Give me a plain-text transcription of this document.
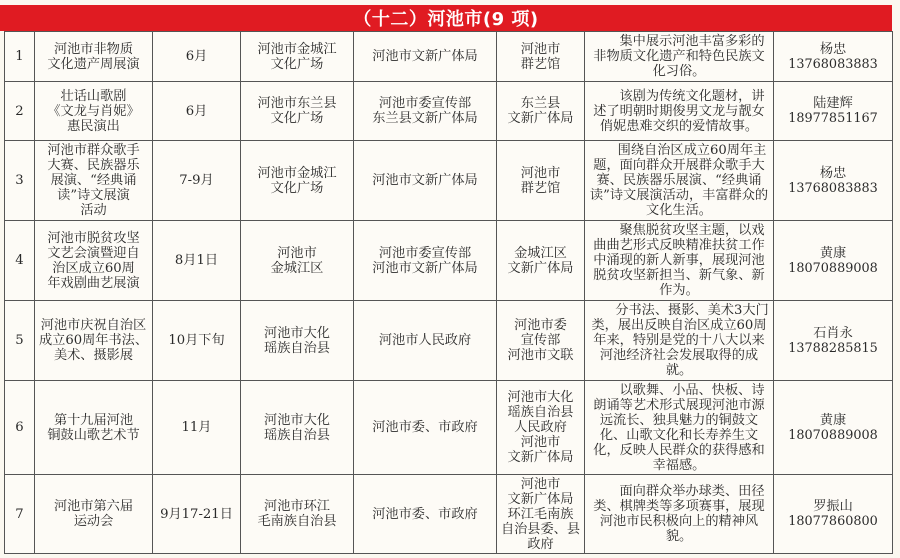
（十二）河池市(9 项)
1	河池市非物质
文化遗产周展演	6月	河池市金城江
文化广场	河池市文新广体局	河池市
群艺馆	集中展示河池丰富多彩的非物质文化遗产和特色民族文化习俗。	杨忠
13768083883

2	壮话山歌剧
《文龙与肖妮》
惠民演出	6月	河池市东兰县
文化广场	河池市委宣传部
东兰县文新广体局	东兰县
文新广体局	该剧为传统文化题材，讲述了明朝时期俊男文龙与靓女俏妮患难交织的爱情故事。	陆建辉
18977851167

3	河池市群众歌手
大赛、民族器乐
展演、“经典诵
读”诗文展演
活动	7-9月	河池市金城江
文化广场	河池市文新广体局	河池市
群艺馆	围绕自治区成立60周年主题，面向群众开展群众歌手大赛、民族器乐展演、“经典诵读”诗文展演活动，丰富群众的文化生活。	杨忠
13768083883

4	河池市脱贫攻坚
文艺会演暨迎自
治区成立60周
年戏剧曲艺展演	8月1日	河池市
金城江区	河池市委宣传部
河池市文新广体局	金城江区
文新广体局	聚焦脱贫攻坚主题，以戏曲曲艺形式反映精准扶贫工作中涌现的新人新事，展现河池脱贫攻坚新担当、新气象、新作为。	黄康
18070889008

5	河池市庆祝自治区
成立60周年书法、
美术、摄影展	10月下旬	河池市大化
瑶族自治县	河池市人民政府	河池市委
宣传部
河池市文联	分书法、摄影、美术3大门类，展出反映自治区成立60周年来，特别是党的十八大以来河池经济社会发展取得的成就。	石肖永
13788285815

6	第十九届河池
铜鼓山歌艺术节	11月	河池市大化
瑶族自治县	河池市委、市政府	河池市大化
瑶族自治县
人民政府
河池市
文新广体局	以歌舞、小品、快板、诗朗诵等艺术形式展现河池市源远流长、独具魅力的铜鼓文化、山歌文化和长寿养生文化，反映人民群众的获得感和幸福感。	黄康
18070889008

7	河池市第六届
运动会	9月17-21日	河池市环江
毛南族自治县	河池市委、市政府	河池市
文新广体局
环江毛南族
自治县委、县
政府	面向群众举办球类、田径类、棋牌类等多项赛事，展现河池市民积极向上的精神风貌。	罗振山
18077860800
